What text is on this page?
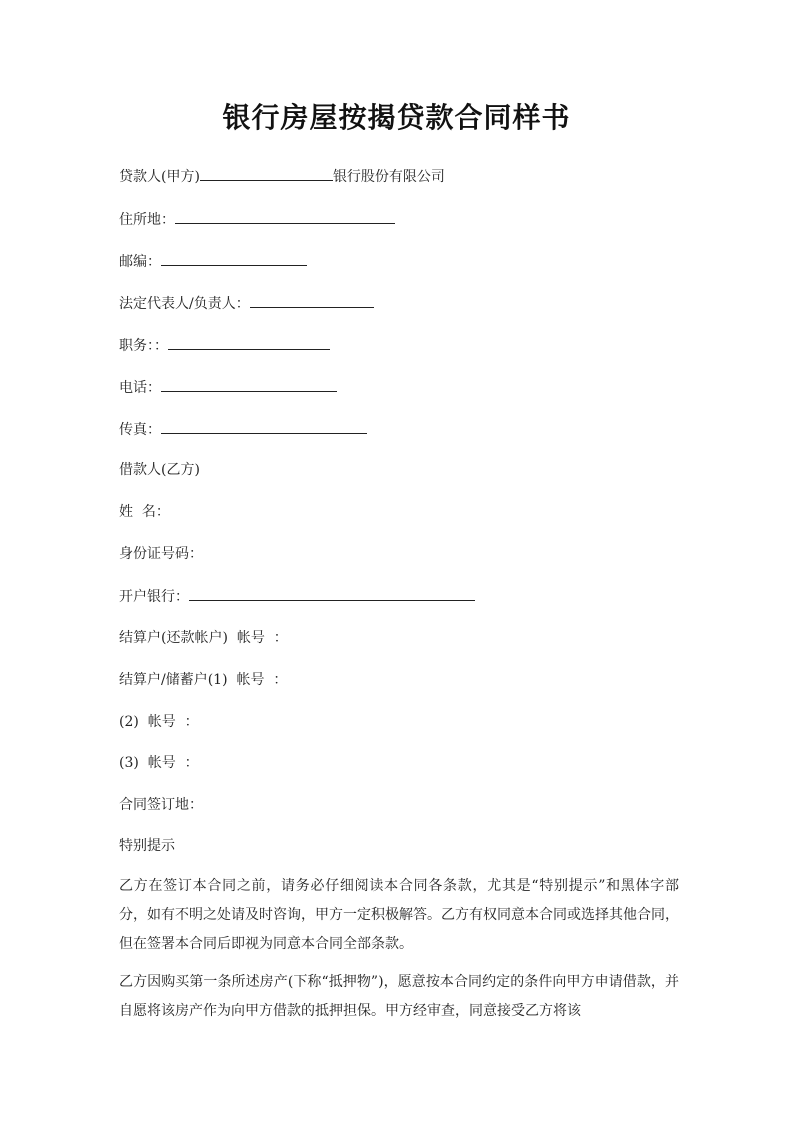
银行房屋按揭贷款合同样书
贷款人(甲方)	银行股份有限公司
住所地：
邮编：
法定代表人/负责人：
职务：：
电话：
传真：
借款人(乙方)
姓  名：
身份证号码：
开户银行：
结算户(还款帐户)  帐号  ：
结算户/储蓄户(1)  帐号  ：
(2)  帐号  ：
(3)  帐号  ：
合同签订地：
特别提示
乙方在签订本合同之前，请务必仔细阅读本合同各条款，尤其是“特别提示”和黑体字部分，如有不明之处请及时咨询，甲方一定积极解答。乙方有权同意本合同或选择其他合同，但在签署本合同后即视为同意本合同全部条款。
乙方因购买第一条所述房产(下称“抵押物”)，愿意按本合同约定的条件向甲方申请借款，并自愿将该房产作为向甲方借款的抵押担保。甲方经审查，同意接受乙方将该
